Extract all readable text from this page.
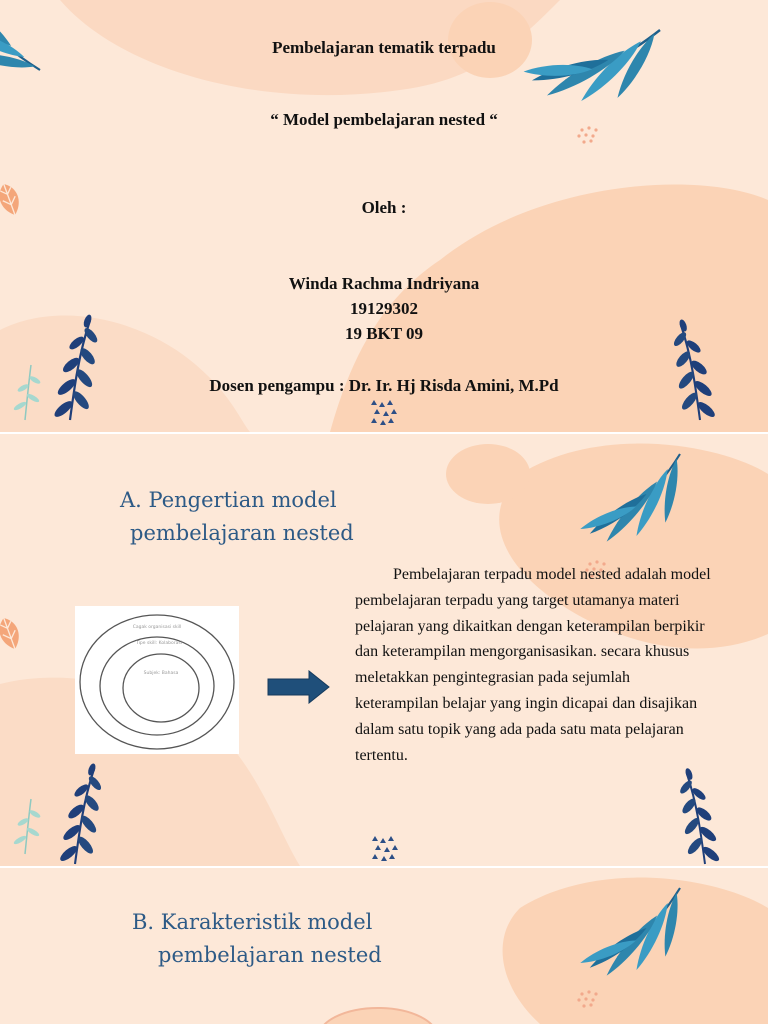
Pembelajaran tematik terpadu

“ Model pembelajaran nested “

Oleh :

Winda Rachma Indriyana

19129302

19 BKT 09

Dosen pengampu : Dr. Ir. Hj Risda Amini, M.Pd

A. Pengertian model
pembelajaran nested
Cagak organisasi skill
Tipe skill: Kolaborasi
Subjek: Bahasa

Pembelajaran terpadu model nested adalah model pembelajaran terpadu yang target utamanya materi pelajaran yang dikaitkan dengan keterampilan berpikir dan keterampilan mengorganisasikan. secara khusus meletakkan pengintegrasian pada sejumlah keterampilan belajar yang ingin dicapai dan disajikan dalam satu topik yang ada pada satu mata pelajaran tertentu.

B. Karakteristik model
pembelajaran nested
